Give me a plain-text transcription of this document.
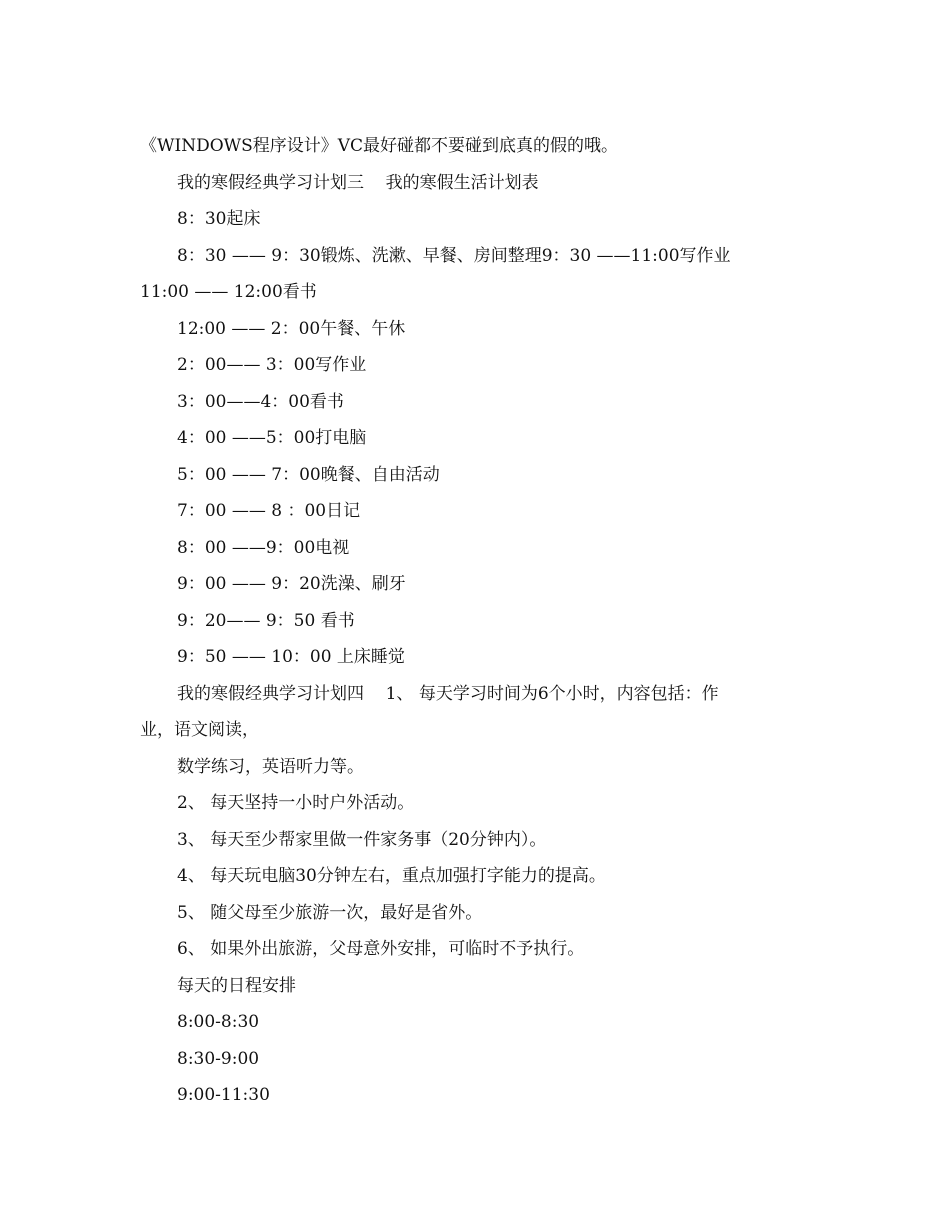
《WINDOWS程序设计》VC最好碰都不要碰到底真的假的哦。
我的寒假经典学习计划三    我的寒假生活计划表
8：30起床
8：30 —— 9：30锻炼、洗漱、早餐、房间整理9：30 ——11:00写作业
11:00 —— 12:00看书
12:00 —— 2：00午餐、午休
2：00—— 3：00写作业
3：00——4：00看书
4：00 ——5：00打电脑
5：00 —— 7：00晚餐、自由活动
7：00 —— 8 ：00日记
8：00 ——9：00电视
9：00 —— 9：20洗澡、刷牙
9：20—— 9：50 看书
9：50 —— 10：00 上床睡觉
我的寒假经典学习计划四    1、 每天学习时间为6个小时，内容包括：作
业，语文阅读，
数学练习，英语听力等。
2、 每天坚持一小时户外活动。
3、 每天至少帮家里做一件家务事（20分钟内）。
4、 每天玩电脑30分钟左右，重点加强打字能力的提高。
5、 随父母至少旅游一次，最好是省外。
6、 如果外出旅游，父母意外安排，可临时不予执行。
每天的日程安排
8:00-8:30
8:30-9:00
9:00-11:30
